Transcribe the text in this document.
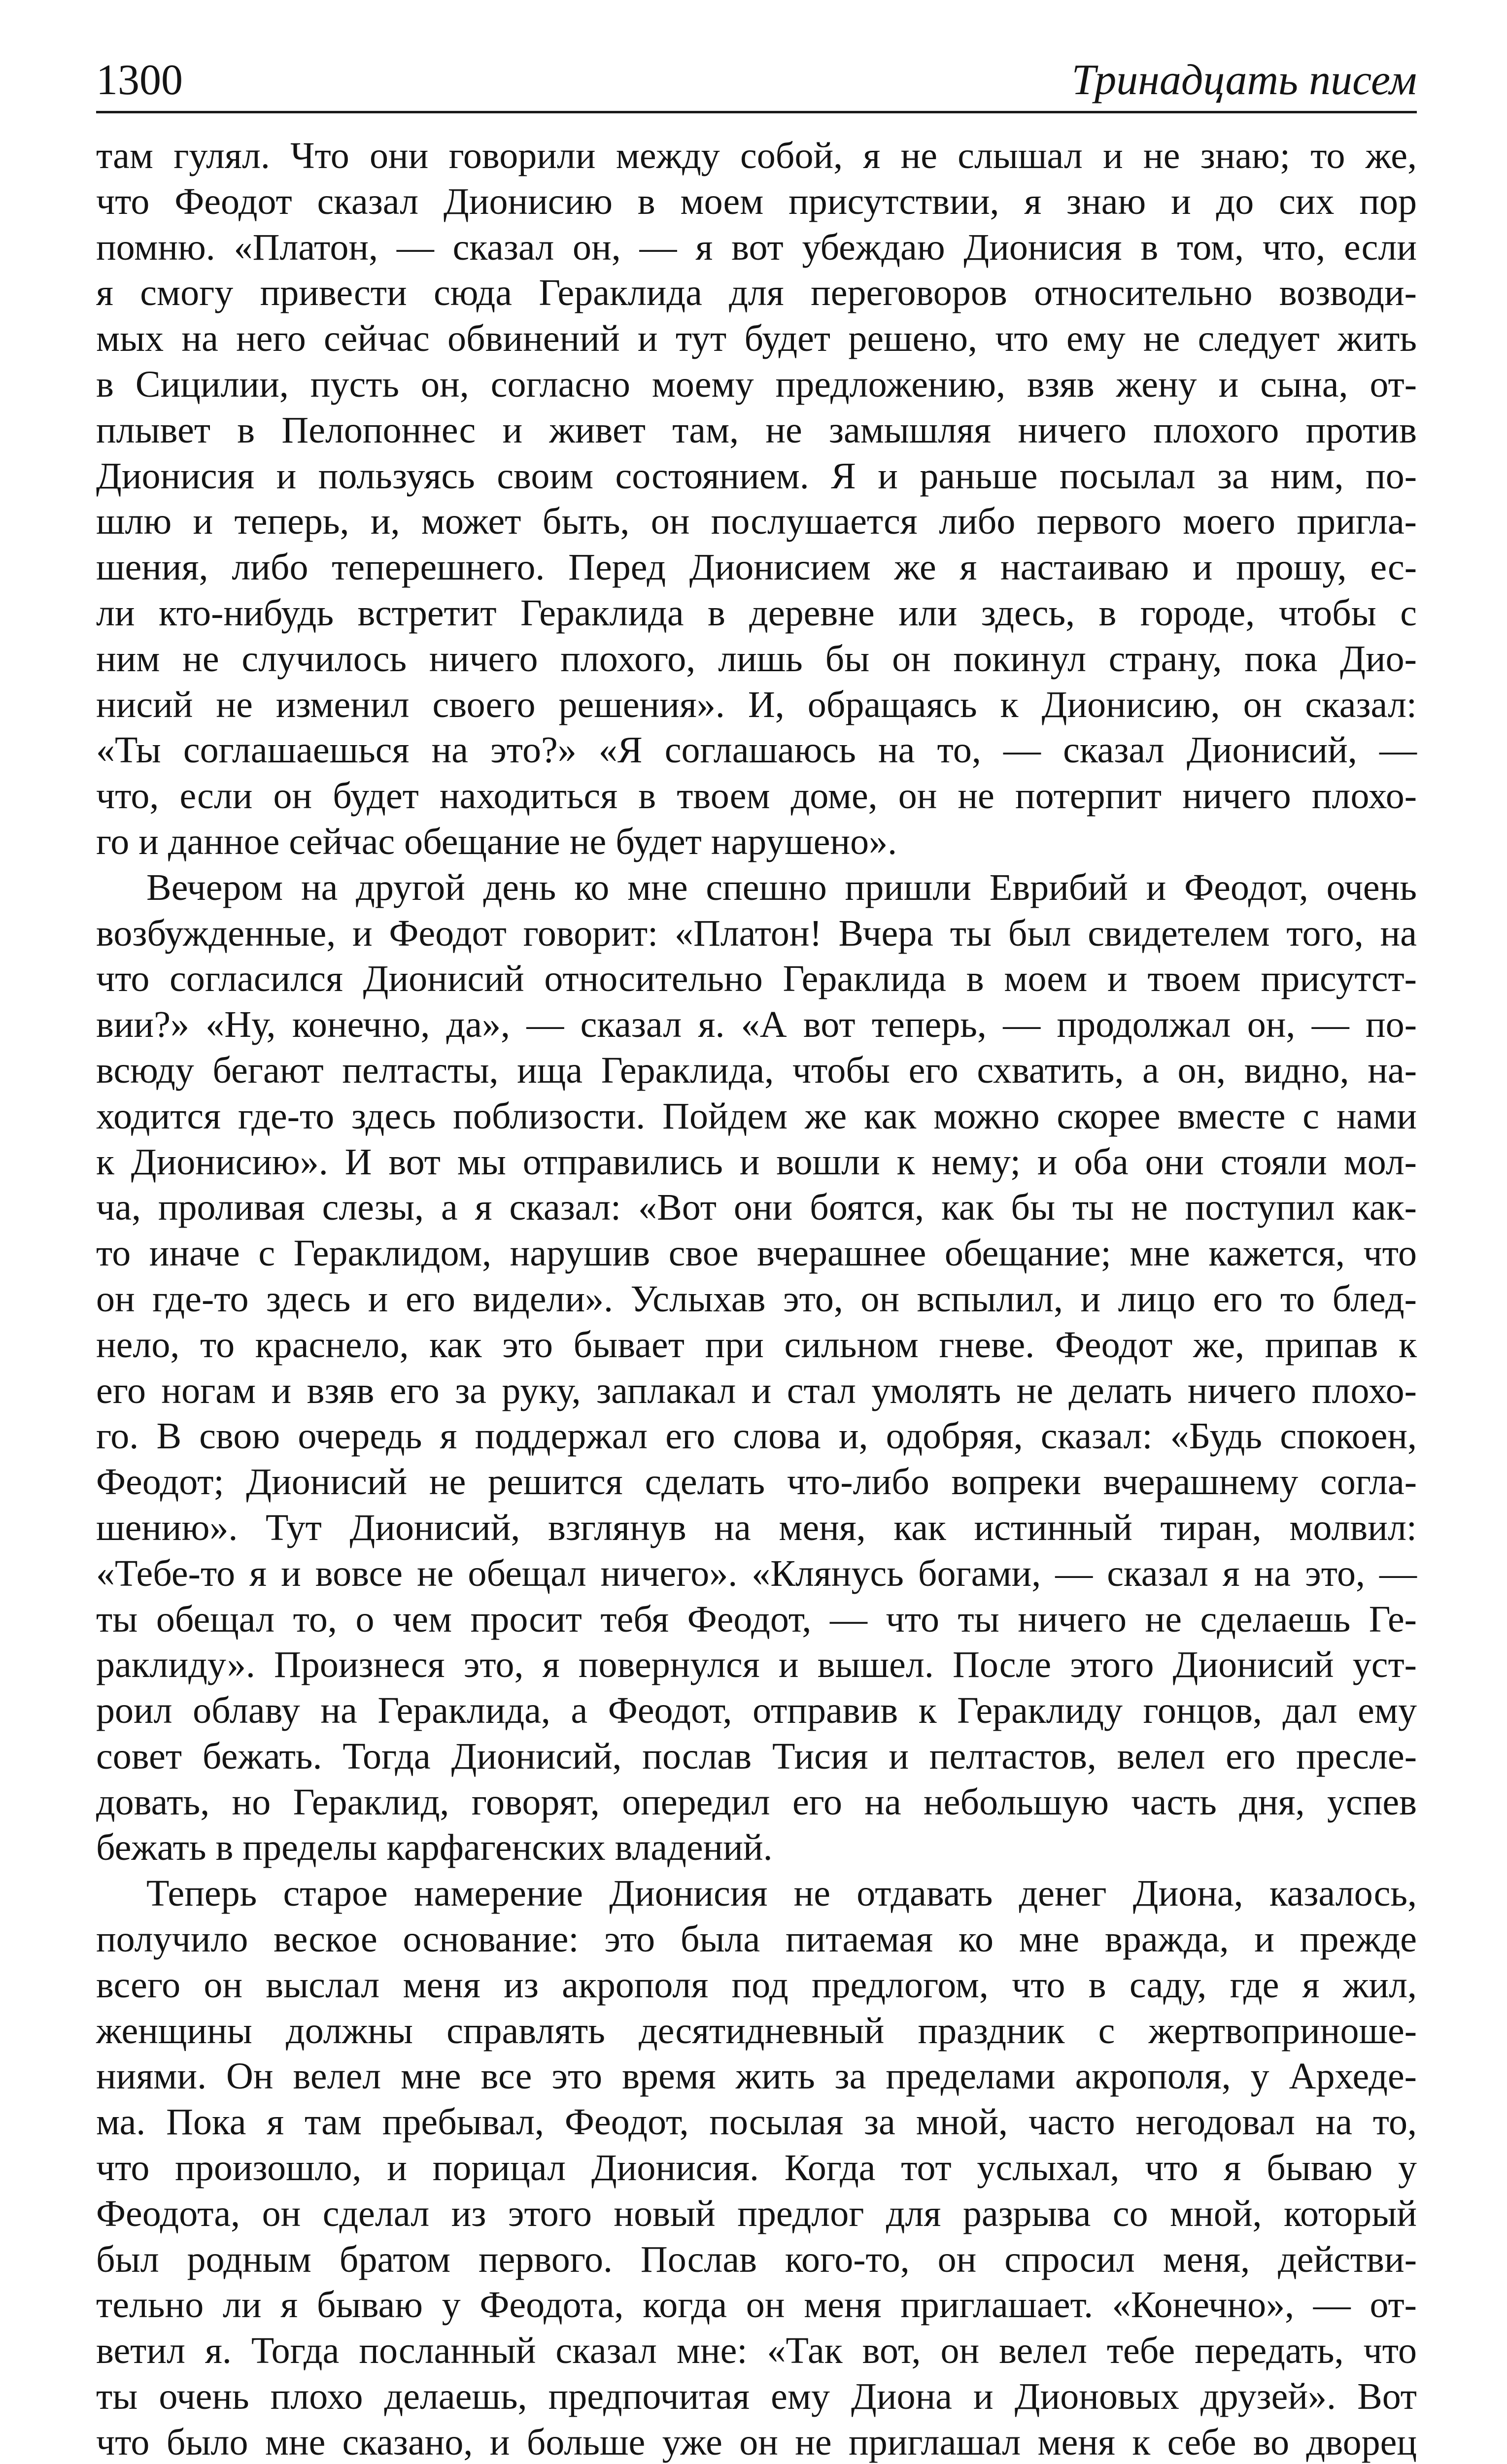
1300	Тринадцать писем
там гулял. Что они говорили между собой, я не слышал и не знаю; то же,
что Феодот сказал Дионисию в моем присутствии, я знаю и до сих пор
помню. «Платон, — сказал он, — я вот убеждаю Дионисия в том, что, если
я смогу привести сюда Гераклида для переговоров относительно возводи-
мых на него сейчас обвинений и тут будет решено, что ему не следует жить
в Сицилии, пусть он, согласно моему предложению, взяв жену и сына, от-
плывет в Пелопоннес и живет там, не замышляя ничего плохого против
Дионисия и пользуясь своим состоянием. Я и раньше посылал за ним, по-
шлю и теперь, и, может быть, он послушается либо первого моего пригла-
шения, либо теперешнего. Перед Дионисием же я настаиваю и прошу, ес-
ли кто-нибудь встретит Гераклида в деревне или здесь, в городе, чтобы с
ним не случилось ничего плохого, лишь бы он покинул страну, пока Дио-
нисий не изменил своего решения». И, обращаясь к Дионисию, он сказал:
«Ты соглашаешься на это?» «Я соглашаюсь на то, — сказал Дионисий, —
что, если он будет находиться в твоем доме, он не потерпит ничего плохо-
го и данное сейчас обещание не будет нарушено».
Вечером на другой день ко мне спешно пришли Еврибий и Феодот, очень
возбужденные, и Феодот говорит: «Платон! Вчера ты был свидетелем того, на
что согласился Дионисий относительно Гераклида в моем и твоем присутст-
вии?» «Ну, конечно, да», — сказал я. «А вот теперь, — продолжал он, — по-
всюду бегают пелтасты, ища Гераклида, чтобы его схватить, а он, видно, на-
ходится где-то здесь поблизости. Пойдем же как можно скорее вместе с нами
к Дионисию». И вот мы отправились и вошли к нему; и оба они стояли мол-
ча, проливая слезы, а я сказал: «Вот они боятся, как бы ты не поступил как-
то иначе с Гераклидом, нарушив свое вчерашнее обещание; мне кажется, что
он где-то здесь и его видели». Услыхав это, он вспылил, и лицо его то блед-
нело, то краснело, как это бывает при сильном гневе. Феодот же, припав к
его ногам и взяв его за руку, заплакал и стал умолять не делать ничего плохо-
го. В свою очередь я поддержал его слова и, одобряя, сказал: «Будь спокоен,
Феодот; Дионисий не решится сделать что-либо вопреки вчерашнему согла-
шению». Тут Дионисий, взглянув на меня, как истинный тиран, молвил:
«Тебе-то я и вовсе не обещал ничего». «Клянусь богами, — сказал я на это, —
ты обещал то, о чем просит тебя Феодот, — что ты ничего не сделаешь Ге-
раклиду». Произнеся это, я повернулся и вышел. После этого Дионисий уст-
роил облаву на Гераклида, а Феодот, отправив к Гераклиду гонцов, дал ему
совет бежать. Тогда Дионисий, послав Тисия и пелтастов, велел его пресле-
довать, но Гераклид, говорят, опередил его на небольшую часть дня, успев
бежать в пределы карфагенских владений.
Теперь старое намерение Дионисия не отдавать денег Диона, казалось,
получило веское основание: это была питаемая ко мне вражда, и прежде
всего он выслал меня из акрополя под предлогом, что в саду, где я жил,
женщины должны справлять десятидневный праздник с жертвоприноше-
ниями. Он велел мне все это время жить за пределами акрополя, у Археде-
ма. Пока я там пребывал, Феодот, посылая за мной, часто негодовал на то,
что произошло, и порицал Дионисия. Когда тот услыхал, что я бываю у
Феодота, он сделал из этого новый предлог для разрыва со мной, который
был родным братом первого. Послав кого-то, он спросил меня, действи-
тельно ли я бываю у Феодота, когда он меня приглашает. «Конечно», — от-
ветил я. Тогда посланный сказал мне: «Так вот, он велел тебе передать, что
ты очень плохо делаешь, предпочитая ему Диона и Дионовых друзей». Вот
что было мне сказано, и больше уже он не приглашал меня к себе во дворец
